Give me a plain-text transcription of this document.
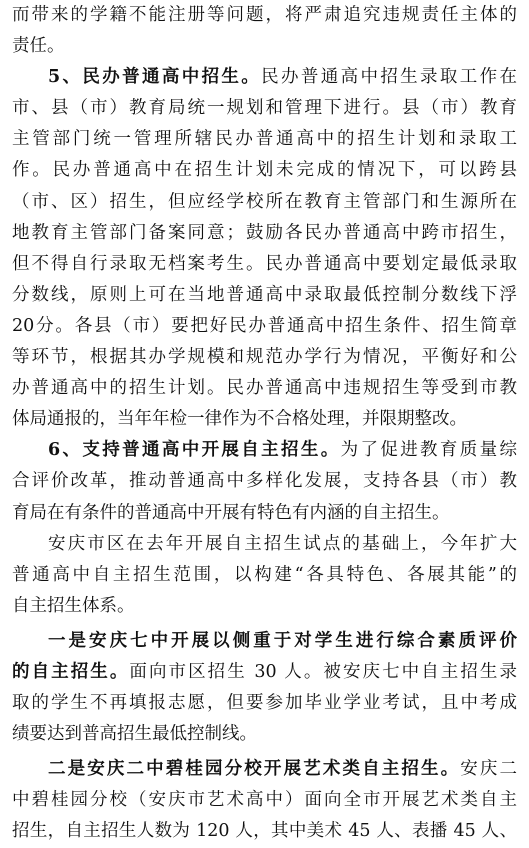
而带来的学籍不能注册等问题，将严肃追究违规责任主体的
责任。
5、民办普通高中招生。民办普通高中招生录取工作在
市、县（市）教育局统一规划和管理下进行。县（市）教育
主管部门统一管理所辖民办普通高中的招生计划和录取工
作。民办普通高中在招生计划未完成的情况下，可以跨县
（市、区）招生，但应经学校所在教育主管部门和生源所在
地教育主管部门备案同意；鼓励各民办普通高中跨市招生，
但不得自行录取无档案考生。民办普通高中要划定最低录取
分数线，原则上可在当地普通高中录取最低控制分数线下浮
20分。各县（市）要把好民办普通高中招生条件、招生简章
等环节，根据其办学规模和规范办学行为情况，平衡好和公
办普通高中的招生计划。民办普通高中违规招生等受到市教
体局通报的，当年年检一律作为不合格处理，并限期整改。
6、支持普通高中开展自主招生。为了促进教育质量综
合评价改革，推动普通高中多样化发展，支持各县（市）教
育局在有条件的普通高中开展有特色有内涵的自主招生。
安庆市区在去年开展自主招生试点的基础上，今年扩大
普通高中自主招生范围，以构建“各具特色、各展其能”的
自主招生体系。
一是安庆七中开展以侧重于对学生进行综合素质评价
的自主招生。面向市区招生 30 人。被安庆七中自主招生录
取的学生不再填报志愿，但要参加毕业学业考试，且中考成
绩要达到普高招生最低控制线。
二是安庆二中碧桂园分校开展艺术类自主招生。安庆二
中碧桂园分校（安庆市艺术高中）面向全市开展艺术类自主
招生，自主招生人数为 120 人，其中美术 45 人、表播 45 人、
